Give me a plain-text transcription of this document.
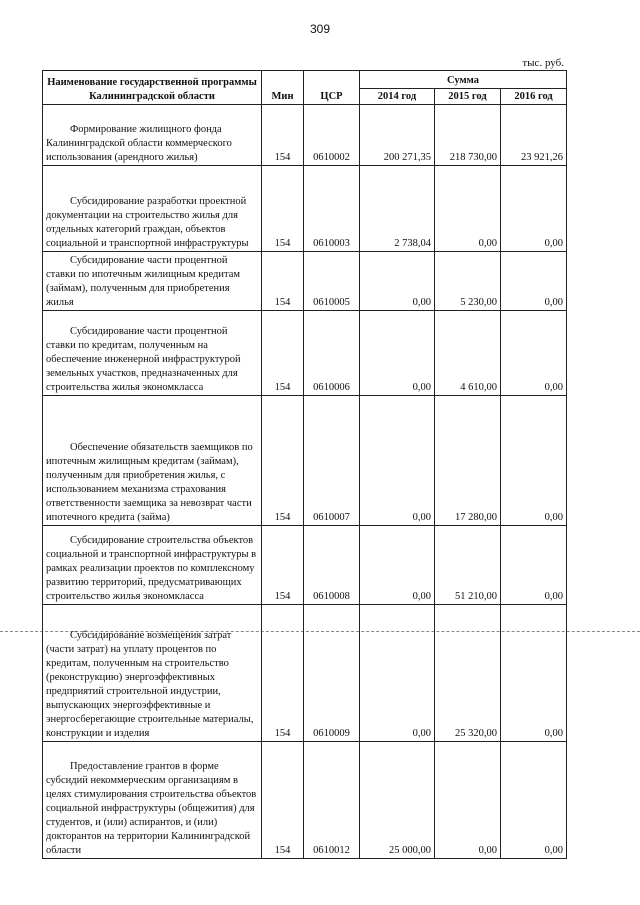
309
тыс. руб.
Наименование государственной программы Калининградской области	Мин	ЦСР	Сумма		
			2014 год	2015 год	2016 год
Формирование жилищного фонда Калининградской области коммерческого использования (арендного жилья)	154	0610002	200 271,35	218 730,00	23 921,26
Субсидирование разработки проектной документации на строительство жилья для отдельных категорий граждан, объектов социальной и транспортной инфраструктуры	154	0610003	2 738,04	0,00	0,00
Субсидирование части процентной ставки по ипотечным жилищным кредитам (займам), полученным для приобретения жилья	154	0610005	0,00	5 230,00	0,00
Субсидирование части процентной ставки по кредитам, полученным на обеспечение инженерной инфраструктурой земельных участков, предназначенных для строительства жилья экономкласса	154	0610006	0,00	4 610,00	0,00
Обеспечение обязательств заемщиков по ипотечным жилищным кредитам (займам), полученным для приобретения жилья, с использованием механизма страхования ответственности заемщика за невозврат части ипотечного кредита (займа)	154	0610007	0,00	17 280,00	0,00
Субсидирование строительства объектов социальной и транспортной инфраструктуры в рамках реализации проектов по комплексному развитию территорий, предусматривающих строительство жилья экономкласса	154	0610008	0,00	51 210,00	0,00
Субсидирование возмещения затрат (части затрат) на уплату процентов по кредитам, полученным на строительство (реконструкцию) энергоэффективных предприятий строительной индустрии, выпускающих энергоэффективные и энергосберегающие строительные материалы, конструкции и изделия	154	0610009	0,00	25 320,00	0,00
Предоставление грантов в форме субсидий некоммерческим организациям в целях стимулирования строительства объектов социальной инфраструктуры (общежития) для студентов, и (или) аспирантов, и (или) докторантов на территории Калининградской области	154	0610012	25 000,00	0,00	0,00
